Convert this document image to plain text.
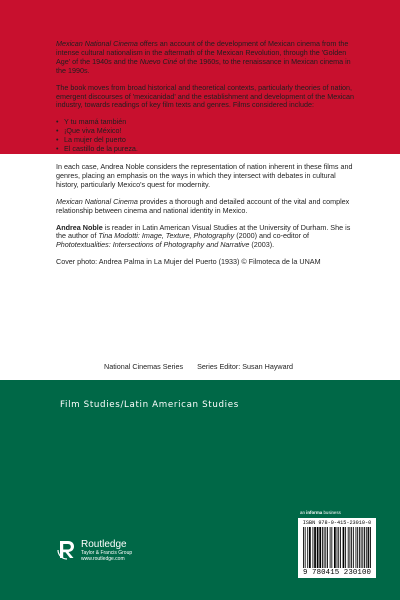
Mexican National Cinema offers an account of the development of Mexican cinema from the intense cultural nationalism in the aftermath of the Mexican Revolution, through the 'Golden Age' of the 1940s and the Nuevo Ciné of the 1960s, to the renaissance in Mexican cinema in the 1990s.

The book moves from broad historical and theoretical contexts, particularly theories of nation, emergent discourses of 'mexicanidad' and the establishment and development of the Mexican industry, towards readings of key film texts and genres. Films considered include:

• Y tu mamá también
• ¡Que viva México!
• La mujer del puerto
• El castillo de la pureza.

In each case, Andrea Noble considers the representation of nation inherent in these films and genres, placing an emphasis on the ways in which they intersect with debates in cultural history, particularly Mexico's quest for modernity.

Mexican National Cinema provides a thorough and detailed account of the vital and complex relationship between cinema and national identity in Mexico.

Andrea Noble is reader in Latin American Visual Studies at the University of Durham. She is the author of Tina Modotti: Image, Texture, Photography (2000) and co-editor of Phototextualities: Intersections of Photography and Narrative (2003).

Cover photo: Andrea Palma in La Mujer del Puerto (1933) © Filmoteca de la UNAM

National Cinemas Series Series Editor: Susan Hayward
Film Studies/Latin American Studies
an informa business
Routledge
Taylor & Francis Group
www.routledge.com
ISBN 978-0-415-23010-0
9 780415 230100
